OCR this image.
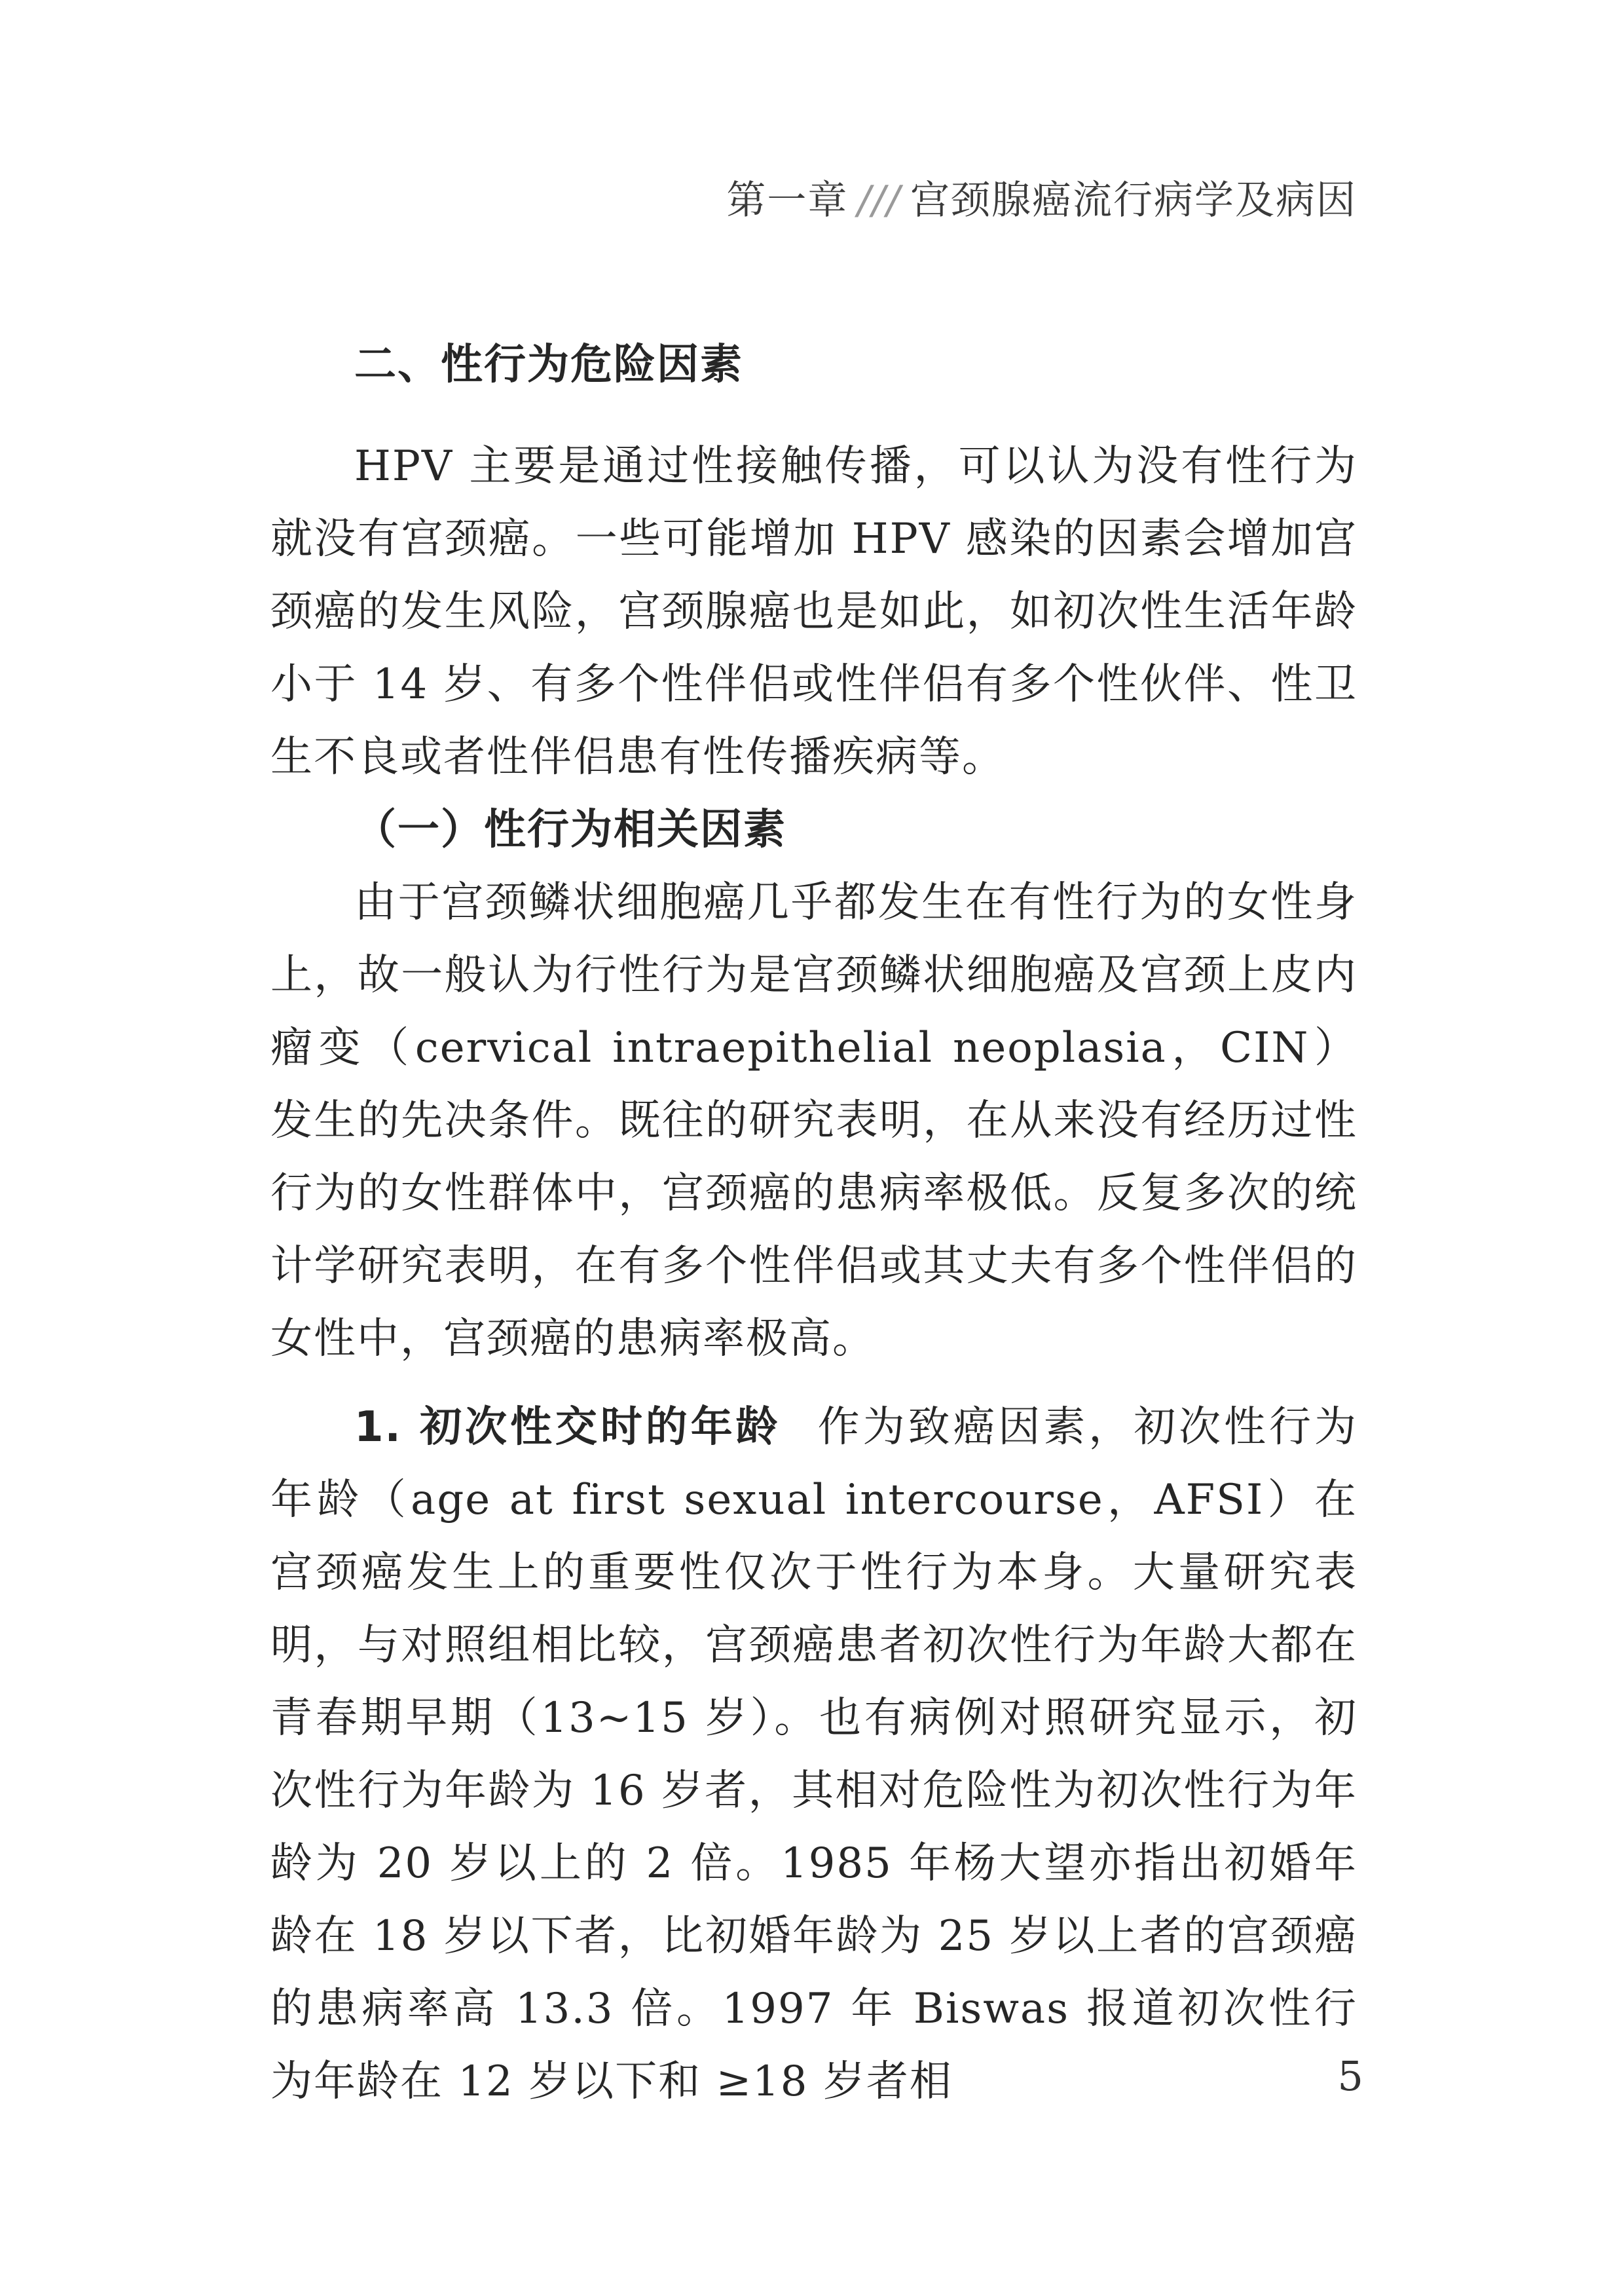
第一章 /// 宫颈腺癌流行病学及病因
二、性行为危险因素

HPV 主要是通过性接触传播，可以认为没有性行为就没有宫颈癌。一些可能增加 HPV 感染的因素会增加宫颈癌的发生风险，宫颈腺癌也是如此，如初次性生活年龄小于 14 岁、有多个性伴侣或性伴侣有多个性伙伴、性卫生不良或者性伴侣患有性传播疾病等。

（一）性行为相关因素

由于宫颈鳞状细胞癌几乎都发生在有性行为的女性身上，故一般认为行性行为是宫颈鳞状细胞癌及宫颈上皮内瘤变（cervical intraepithelial neoplasia，CIN）发生的先决条件。既往的研究表明，在从来没有经历过性行为的女性群体中，宫颈癌的患病率极低。反复多次的统计学研究表明，在有多个性伴侣或其丈夫有多个性伴侣的女性中，宫颈癌的患病率极高。

1. 初次性交时的年龄 作为致癌因素，初次性行为年龄（age at first sexual intercourse，AFSI）在宫颈癌发生上的重要性仅次于性行为本身。大量研究表明，与对照组相比较，宫颈癌患者初次性行为年龄大都在青春期早期（13~15 岁）。也有病例对照研究显示，初次性行为年龄为 16 岁者，其相对危险性为初次性行为年龄为 20 岁以上的 2 倍。1985 年杨大望亦指出初婚年龄在 18 岁以下者，比初婚年龄为 25 岁以上者的宫颈癌的患病率高 13.3 倍。1997 年 Biswas 报道初次性行为年龄在 12 岁以下和 ≥18 岁者相	5
